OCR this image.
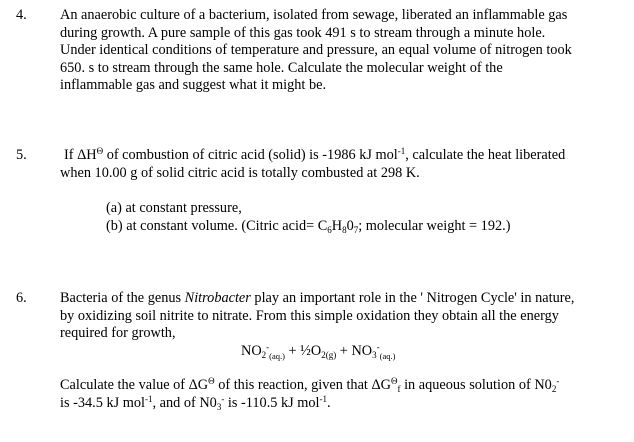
4. An anaerobic culture of a bacterium, isolated from sewage, liberated an inflammable gas

during growth. A pure sample of this gas took 491 s to stream through a minute hole.

Under identical conditions of temperature and pressure, an equal volume of nitrogen took

650. s to stream through the same hole. Calculate the molecular weight of the

inflammable gas and suggest what it might be.

5.	If $\Delta H^\Theta$ of combustion of citric acid (solid) is -1986 kJ mol$^{-1}$, calculate the heat liberated

when 10.00 g of solid citric acid is totally combusted at 298 K.

(a) at constant pressure,

(b) at constant volume. (Citric acid= $C_6H_80_7$; molecular weight = 192.)

6. Bacteria of the genus Nitrobacter play an important role in the ' Nitrogen Cycle' in nature,

by oxidizing soil nitrite to nitrate. From this simple oxidation they obtain all the energy

required for growth,

$NO_2^-_{(aq.)}$ + $\frac{1}{2}O_{2(g)} + NO_3^-_{(aq.)}$

Calculate the value of $\Delta G^\Theta$ of this reaction, given that $\Delta G^\Theta_f$ in aqueous solution of $N0_2^-$

is -34.5 kJ mol$^{-1}$, and of $N0_3^-$ is -110.5 kJ mol$^{-1}$.
